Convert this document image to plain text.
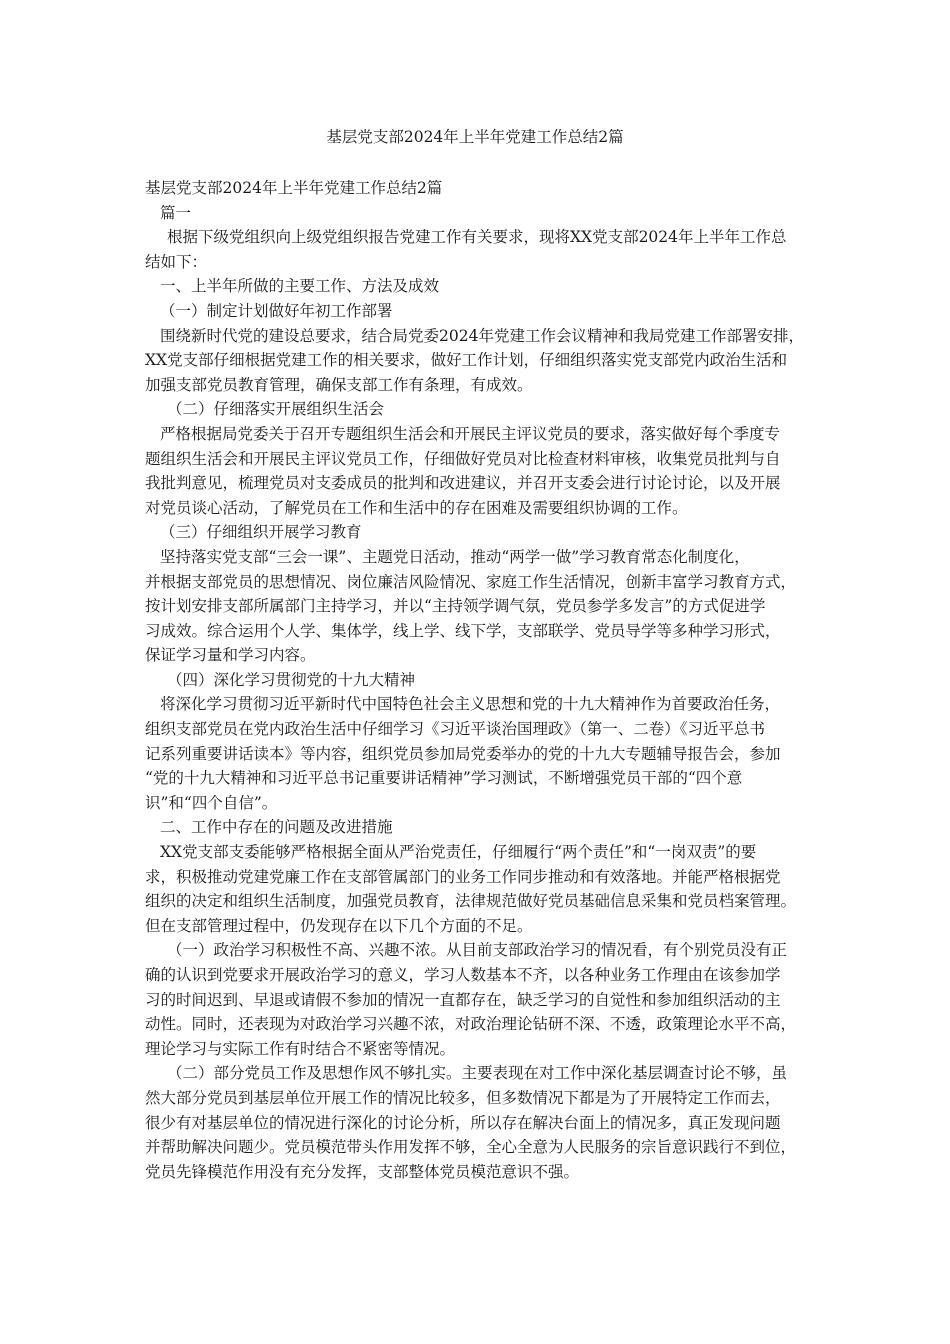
基层党支部2024年上半年党建工作总结2篇
基层党支部2024年上半年党建工作总结2篇
篇一
根据下级党组织向上级党组织报告党建工作有关要求，现将XX党支部2024年上半年工作总
结如下：
一、上半年所做的主要工作、方法及成效
（一）制定计划做好年初工作部署
围绕新时代党的建设总要求，结合局党委2024年党建工作会议精神和我局党建工作部署安排，
XX党支部仔细根据党建工作的相关要求，做好工作计划，仔细组织落实党支部党内政治生活和
加强支部党员教育管理，确保支部工作有条理，有成效。
（二）仔细落实开展组织生活会
严格根据局党委关于召开专题组织生活会和开展民主评议党员的要求，落实做好每个季度专
题组织生活会和开展民主评议党员工作，仔细做好党员对比检查材料审核，收集党员批判与自
我批判意见，梳理党员对支委成员的批判和改进建议，并召开支委会进行讨论讨论，以及开展
对党员谈心活动，了解党员在工作和生活中的存在困难及需要组织协调的工作。
（三）仔细组织开展学习教育
坚持落实党支部“三会一课”、主题党日活动，推动“两学一做”学习教育常态化制度化，
并根据支部党员的思想情况、岗位廉洁风险情况、家庭工作生活情况，创新丰富学习教育方式，
按计划安排支部所属部门主持学习，并以“主持领学调气氛，党员参学多发言”的方式促进学
习成效。综合运用个人学、集体学，线上学、线下学，支部联学、党员导学等多种学习形式，
保证学习量和学习内容。
（四）深化学习贯彻党的十九大精神
将深化学习贯彻习近平新时代中国特色社会主义思想和党的十九大精神作为首要政治任务，
组织支部党员在党内政治生活中仔细学习《习近平谈治国理政》（第一、二卷）《习近平总书
记系列重要讲话读本》等内容，组织党员参加局党委举办的党的十九大专题辅导报告会，参加
“党的十九大精神和习近平总书记重要讲话精神”学习测试，不断增强党员干部的“四个意
识”和“四个自信”。
二、工作中存在的问题及改进措施
XX党支部支委能够严格根据全面从严治党责任，仔细履行“两个责任”和“一岗双责”的要
求，积极推动党建党廉工作在支部管属部门的业务工作同步推动和有效落地。并能严格根据党
组织的决定和组织生活制度，加强党员教育，法律规范做好党员基础信息采集和党员档案管理。
但在支部管理过程中，仍发现存在以下几个方面的不足。
（一）政治学习积极性不高、兴趣不浓。从目前支部政治学习的情况看，有个别党员没有正
确的认识到党要求开展政治学习的意义，学习人数基本不齐，以各种业务工作理由在该参加学
习的时间迟到、早退或请假不参加的情况一直都存在，缺乏学习的自觉性和参加组织活动的主
动性。同时，还表现为对政治学习兴趣不浓，对政治理论钻研不深、不透，政策理论水平不高，
理论学习与实际工作有时结合不紧密等情况。
（二）部分党员工作及思想作风不够扎实。主要表现在对工作中深化基层调查讨论不够，虽
然大部分党员到基层单位开展工作的情况比较多，但多数情况下都是为了开展特定工作而去，
很少有对基层单位的情况进行深化的讨论分析，所以存在解决台面上的情况多，真正发现问题
并帮助解决问题少。党员模范带头作用发挥不够，全心全意为人民服务的宗旨意识践行不到位，
党员先锋模范作用没有充分发挥，支部整体党员模范意识不强。
